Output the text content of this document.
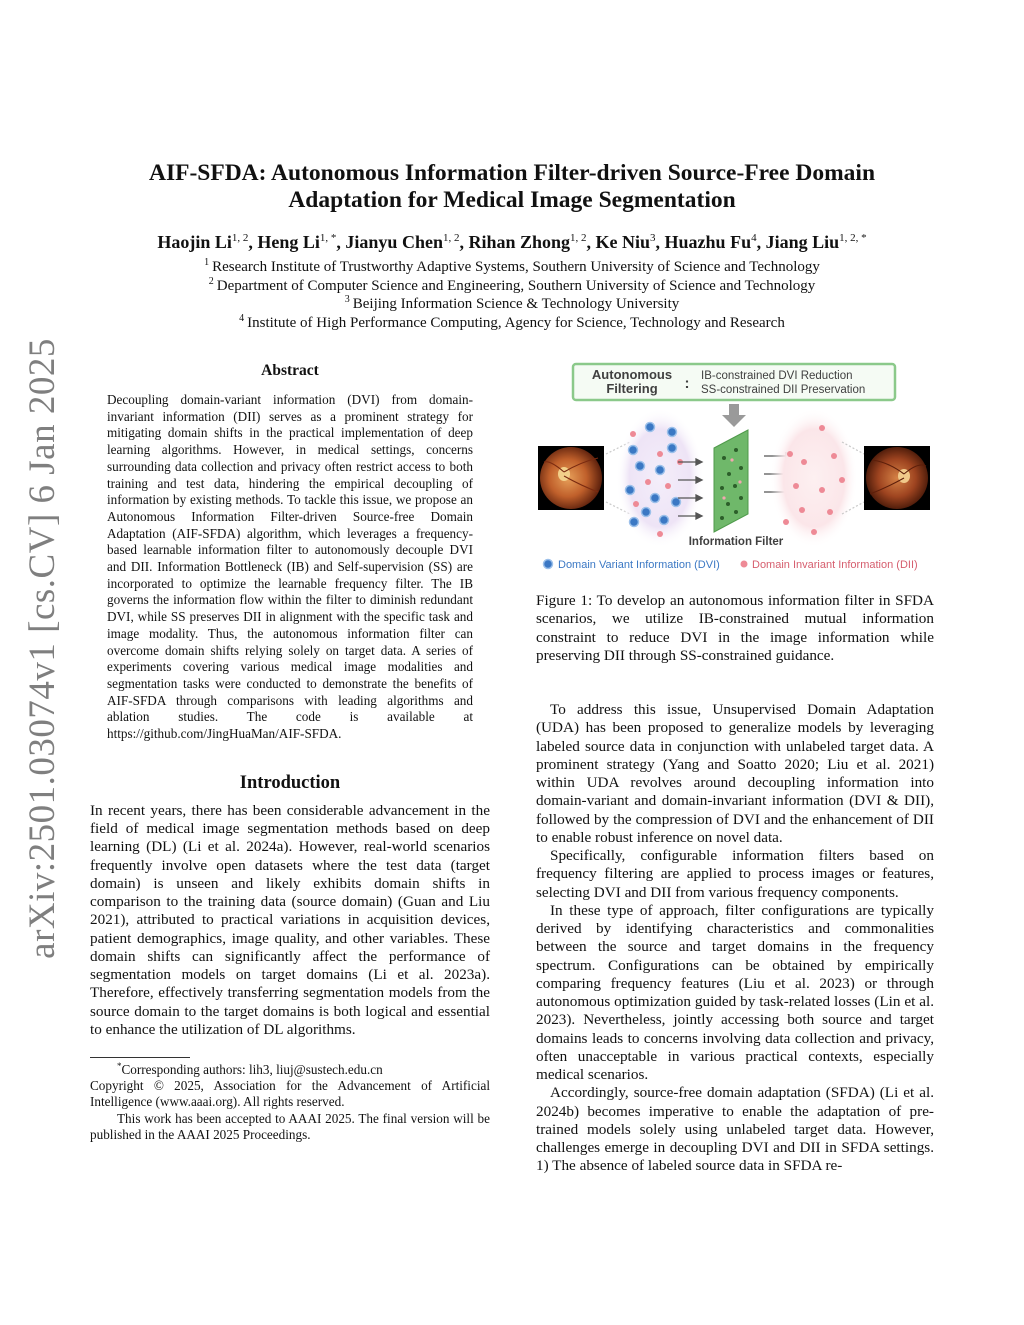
arXiv:2501.03074v1 [cs.CV] 6 Jan 2025
AIF-SFDA: Autonomous Information Filter-driven Source-Free Domain
Adaptation for Medical Image Segmentation
Haojin Li$^{1, 2}$, Heng $Li^{1, *}$, Jianyu Chen$^{1, 2}$, Rihan Zhong$^{1, 2}$, Ke Niu$^3$, Huazhu Fu$^4$, Jiang Liu$^{1, 2, *}$
$^1$ Research Institute of Trustworthy Adaptive Systems, Southern University of Science and Technology
$^2$ Department of Computer Science and Engineering, Southern University of Science and Technology
$^3$ Beijing Information Science & Technology University
$^4$ Institute of High Performance Computing, Agency for Science, Technology and Research
Abstract
Decoupling domain-variant information (DVI) from domain-invariant information (DII) serves as a prominent strategy for mitigating domain shifts in the practical implementation of deep learning algorithms. However, in medical settings, concerns surrounding data collection and privacy often restrict access to both training and test data, hindering the empirical decoupling of information by existing methods. To tackle this issue, we propose an Autonomous Information Filter-driven Source-free Domain Adaptation (AIF-SFDA) algorithm, which leverages a frequency-based learnable information filter to autonomously decouple DVI and DII. Information Bottleneck (IB) and Self-supervision (SS) are incorporated to optimize the learnable frequency filter. The IB governs the information flow within the filter to diminish redundant DVI, while SS preserves DII in alignment with the specific task and image modality. Thus, the autonomous information filter can overcome domain shifts relying solely on target data. A series of experiments covering various medical image modalities and segmentation tasks were conducted to demonstrate the benefits of AIF-SFDA through comparisons with leading algorithms and ablation studies. The code is available at https://github.com/JingHuaMan/AIF-SFDA.
Introduction

In recent years, there has been considerable advancement in the field of medical image segmentation methods based on deep learning (DL) (Li et al. 2024a). However, real-world scenarios frequently involve open datasets where the test data (target domain) is unseen and likely exhibits domain shifts in comparison to the training data (source domain) (Guan and Liu 2021), attributed to practical variations in acquisition devices, patient demographics, image quality, and other variables. These domain shifts can significantly affect the performance of segmentation models on target domains (Li et al. 2023a). Therefore, effectively transferring segmentation models from the source domain to the target domains is both logical and essential to enhance the utilization of DL algorithms.

*Corresponding authors: lih3, liuj@sustech.edu.cn

Copyright © 2025, Association for the Advancement of Artificial Intelligence (www.aaai.org). All rights reserved.

This work has been accepted to AAAI 2025. The final version will be published in the AAAI 2025 Proceedings.

Autonomous
Filtering : IB-constrained DVI Reduction
SS-constrained DII Preservation
Information Filter
Domain Variant Information (DVI)	Domain Invariant Information (DII)
Figure 1: To develop an autonomous information filter in SFDA scenarios, we utilize IB-constrained mutual information constraint to reduce DVI in the image information while preserving DII through SS-constrained guidance.

To address this issue, Unsupervised Domain Adaptation (UDA) has been proposed to generalize models by leveraging labeled source data in conjunction with unlabeled target data. A prominent strategy (Yang and Soatto 2020; Liu et al. 2021) within UDA revolves around decoupling information into domain-variant and domain-invariant information (DVI & DII), followed by the compression of DVI and the enhancement of DII to enable robust inference on novel data.

Specifically, configurable information filters based on frequency filtering are applied to process images or features, selecting DVI and DII from various frequency components.

In these type of approach, filter configurations are typically derived by identifying characteristics and commonalities between the source and target domains in the frequency spectrum. Configurations can be obtained by empirically comparing frequency features (Liu et al. 2023) or through autonomous optimization guided by task-related losses (Lin et al. 2023). Nevertheless, jointly accessing both source and target domains leads to concerns involving data collection and privacy, often unacceptable in various practical contexts, especially medical scenarios.

Accordingly, source-free domain adaptation (SFDA) (Li et al. 2024b) becomes imperative to enable the adaptation of pre-trained models solely using unlabeled target data. However, challenges emerge in decoupling DVI and DII in SFDA settings. 1) The absence of labeled source data in SFDA re-
